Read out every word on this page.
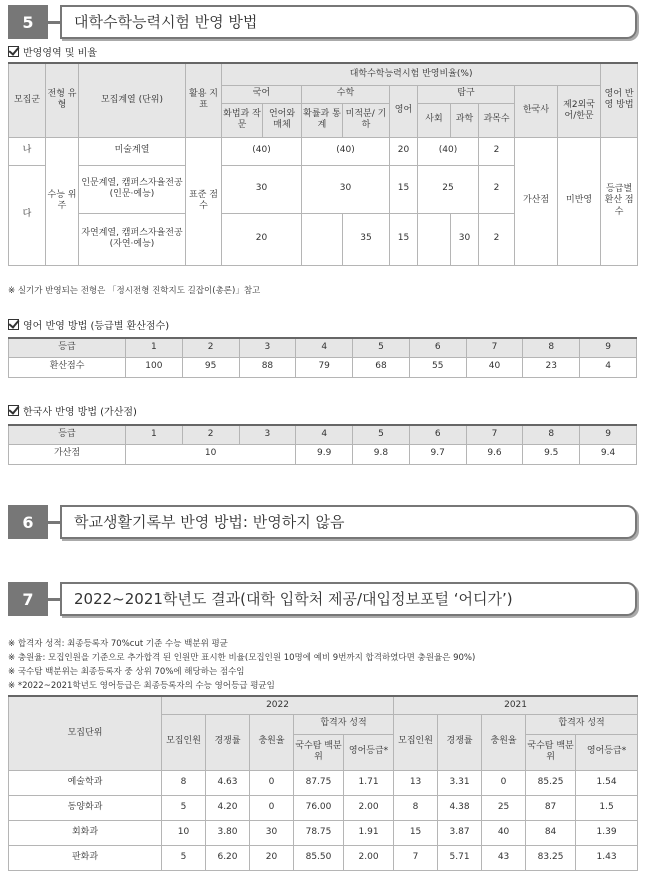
5	대학수학능력시험 반영 방법
반영영역 및 비율
모집군	전형 유형	모집계열 (단위)	활용 지표	대학수학능력시험 반영비율(%)										영어 반영 방법
				국어		수학		영어	탐구			한국사	제2외국어/한문	
				화법과 작문	언어와 매체	확률과 통계	미적분/ 기하		사회	과학	과목수			
나	수능 위주	미술계열	표준 점수	(40)		(40)		20	(40)		2	가산점	미반영	등급별 환산 점수
다		인문계열, 캠퍼스자율전공 (인문·예능)		30		30		15	25		2			
		자연계열, 캠퍼스자율전공 (자연·예능)		20			35	15		30	2			
※ 실기가 반영되는 전형은 「정시전형 진학지도 길잡이(총론)」참고
영어 반영 방법 (등급별 환산점수)
등급	1	2	3	4	5	6	7	8	9
환산점수	100	95	88	79	68	55	40	23	4
한국사 반영 방법 (가산점)
등급	1	2	3	4	5	6	7	8	9
가산점	10			9.9	9.8	9.7	9.6	9.5	9.4
6	학교생활기록부 반영 방법: 반영하지 않음
7	2022~2021학년도 결과(대학 입학처 제공/대입정보포털 ‘어디가’)
※ 합격자 성적: 최종등록자 70%cut 기준 수능 백분위 평균
※ 충원율: 모집인원을 기준으로 추가합격 된 인원만 표시한 비율(모집인원 10명에 예비 9번까지 합격하였다면 충원율은 90%)
※ 국수탐 백분위는 최종등록자 중 상위 70%에 해당하는 점수임
※ *2022~2021학년도 영어등급은 최종등록자의 수능 영어등급 평균임
모집단위	2022					2021				
	모집인원	경쟁률	충원율	합격자 성적		모집인원	경쟁률	충원율	합격자 성적	
				국수탐 백분위	영어등급*				국수탐 백분위	영어등급*
예술학과	8	4.63	0	87.75	1.71	13	3.31	0	85.25	1.54
동양화과	5	4.20	0	76.00	2.00	8	4.38	25	87	1.5
회화과	10	3.80	30	78.75	1.91	15	3.87	40	84	1.39
판화과	5	6.20	20	85.50	2.00	7	5.71	43	83.25	1.43
